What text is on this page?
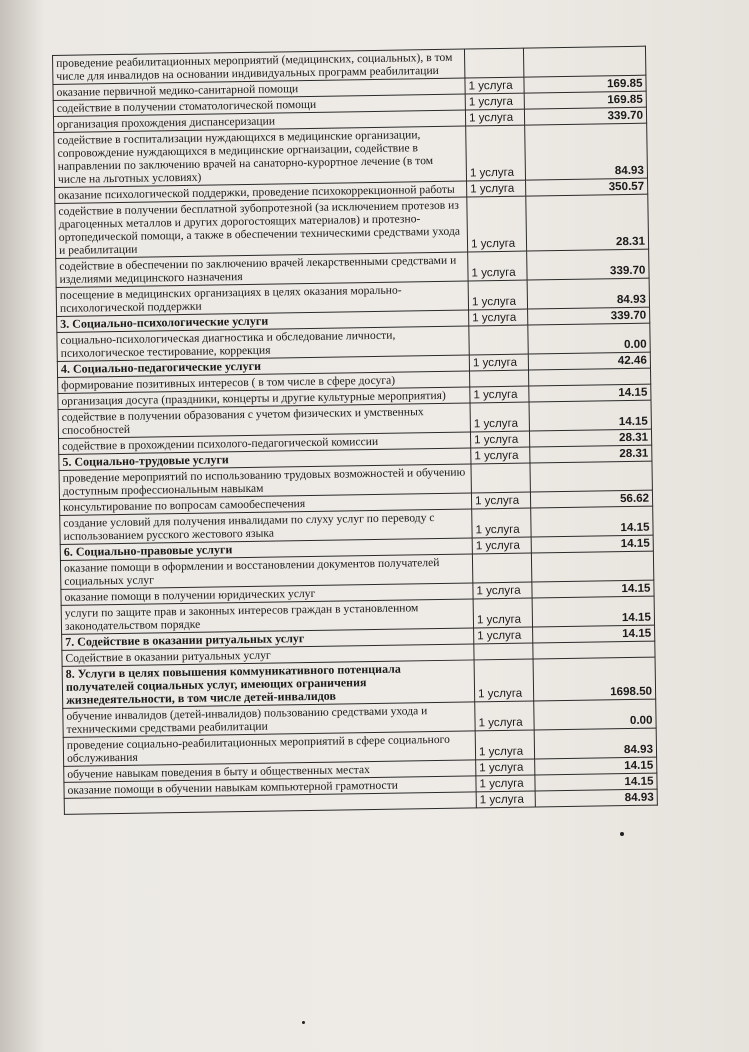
проведение реабилитационных мероприятий (медицинских, социальных), в том числе для инвалидов на основании индивидуальных программ реабилитации		
оказание первичной медико-санитарной помощи	1 услуга	169.85
содействие в получении стоматологической помощи	1 услуга	169.85
организация прохождения диспансеризации	1 услуга	339.70
содействие в госпитализации нуждающихся в медицинские организации, сопровождение нуждающихся в медицинские оргнаизации, содействие в направлении по заключению врачей на санаторно-курортное лечение (в том числе на льготных условиях)	1 услуга	84.93
оказание психологической поддержки, проведение психокоррекционной работы	1 услуга	350.57
содействие в получении бесплатной зубопротезной (за исключением протезов из драгоценных металлов и других дорогостоящих материалов) и протезно-ортопедической помощи, а также в обеспечении техническими средствами ухода и реабилитации	1 услуга	28.31
содействие в обеспечении по заключению врачей лекарственными средствами и изделиями медицинского назначения	1 услуга	339.70
посещение в медицинских организациях в целях оказания морально-психологической поддержки	1 услуга	84.93
3. Социально-психологические услуги	1 услуга	339.70
социально-психологическая диагностика и обследование личности, психологическое тестирование, коррекция		0.00
4. Социально-педагогические услуги	1 услуга	42.46
формирование позитивных интересов ( в том числе в сфере досуга)		
организация досуга (праздники, концерты и другие культурные мероприятия)	1 услуга	14.15
содействие в получении образования с учетом физических и умственных способностей	1 услуга	14.15
содействие в прохождении психолого-педагогической комиссии	1 услуга	28.31
5. Социально-трудовые услуги	1 услуга	28.31
проведение мероприятий по использованию трудовых возможностей и обучению доступным профессиональным навыкам		
консультирование по вопросам самообеспечения	1 услуга	56.62
создание условий для получения инвалидами по слуху услуг по переводу с использованием русского жестового языка	1 услуга	14.15
6. Социально-правовые услуги	1 услуга	14.15
оказание помощи в оформлении и восстановлении документов получателей социальных услуг		
оказание помощи в получении юридических услуг	1 услуга	14.15
услуги по защите прав и законных интересов граждан в установленном законодательством порядке	1 услуга	14.15
7. Содействие в оказании ритуальных услуг	1 услуга	14.15
Содействие в оказании ритуальных услуг		
8. Услуги в целях повышения коммуникативного потенциала получателей социальных услуг, имеющих ограничения жизнедеятельности, в том числе детей-инвалидов	1 услуга	1698.50
обучение инвалидов (детей-инвалидов) пользованию средствами ухода и техническими средствами реабилитации	1 услуга	0.00
проведение социально-реабилитационных мероприятий в сфере социального обслуживания	1 услуга	84.93
обучение навыкам поведения в быту и общественных местах	1 услуга	14.15
оказание помощи в обучении навыкам компьютерной грамотности	1 услуга	14.15
	1 услуга	84.93
